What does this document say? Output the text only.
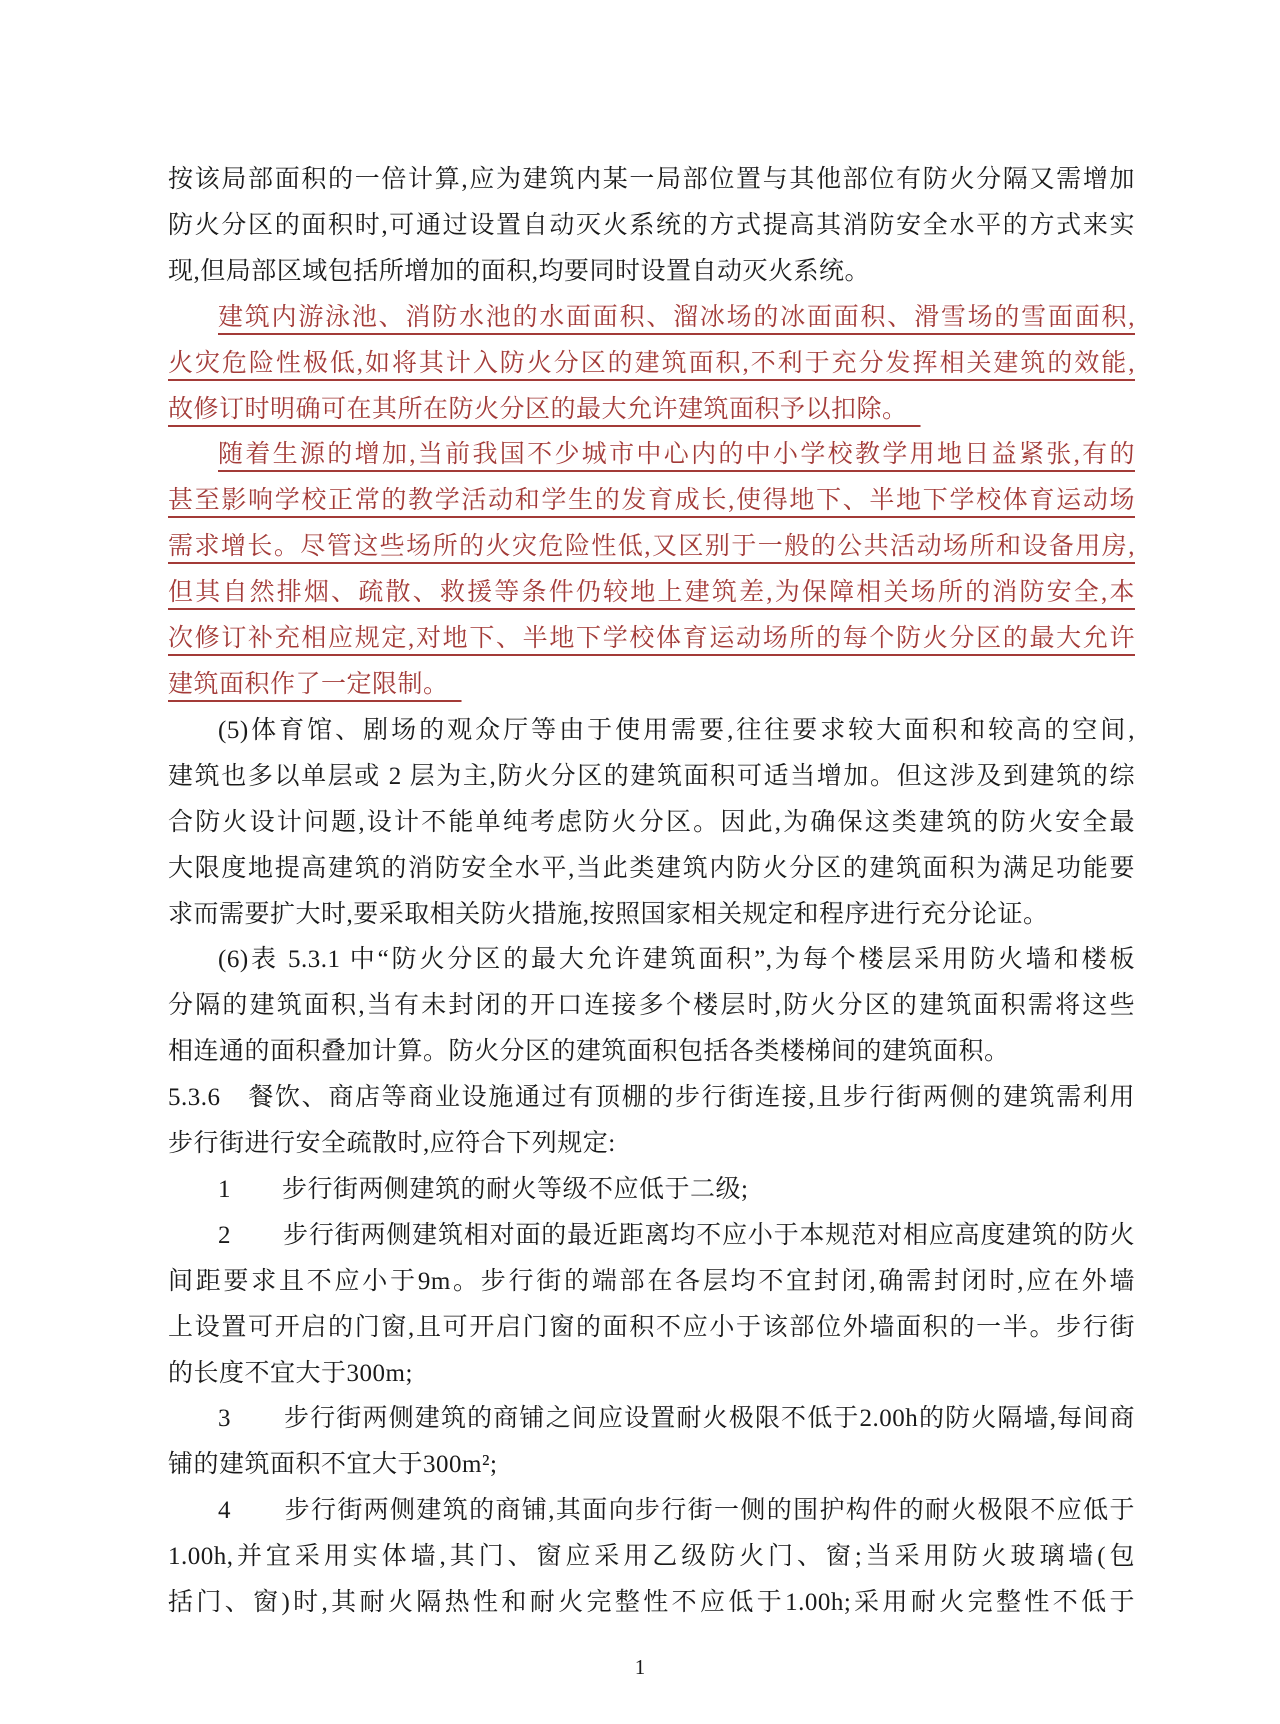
按该局部面积的一倍计算,应为建筑内某一局部位置与其他部位有防火分隔又需增加
防火分区的面积时,可通过设置自动灭火系统的方式提高其消防安全水平的方式来实
现,但局部区域包括所增加的面积,均要同时设置自动灭火系统。
建筑内游泳池、消防水池的水面面积、溜冰场的冰面面积、滑雪场的雪面面积,
火灾危险性极低,如将其计入防火分区的建筑面积,不利于充分发挥相关建筑的效能,
故修订时明确可在其所在防火分区的最大允许建筑面积予以扣除。　
随着生源的增加,当前我国不少城市中心内的中小学校教学用地日益紧张,有的
甚至影响学校正常的教学活动和学生的发育成长,使得地下、半地下学校体育运动场
需求增长。尽管这些场所的火灾危险性低,又区别于一般的公共活动场所和设备用房,
但其自然排烟、疏散、救援等条件仍较地上建筑差,为保障相关场所的消防安全,本
次修订补充相应规定,对地下、半地下学校体育运动场所的每个防火分区的最大允许
建筑面积作了一定限制。　
(5)体育馆、剧场的观众厅等由于使用需要,往往要求较大面积和较高的空间,
建筑也多以单层或 2 层为主,防火分区的建筑面积可适当增加。但这涉及到建筑的综
合防火设计问题,设计不能单纯考虑防火分区。因此,为确保这类建筑的防火安全最
大限度地提高建筑的消防安全水平,当此类建筑内防火分区的建筑面积为满足功能要
求而需要扩大时,要采取相关防火措施,按照国家相关规定和程序进行充分论证。
(6)表 5.3.1 中“防火分区的最大允许建筑面积”,为每个楼层采用防火墙和楼板
分隔的建筑面积,当有未封闭的开口连接多个楼层时,防火分区的建筑面积需将这些
相连通的面积叠加计算。防火分区的建筑面积包括各类楼梯间的建筑面积。
5.3.6　餐饮、商店等商业设施通过有顶棚的步行街连接,且步行街两侧的建筑需利用
步行街进行安全疏散时,应符合下列规定:
1　　步行街两侧建筑的耐火等级不应低于二级;
2　　步行街两侧建筑相对面的最近距离均不应小于本规范对相应高度建筑的防火
间距要求且不应小于9m。步行街的端部在各层均不宜封闭,确需封闭时,应在外墙
上设置可开启的门窗,且可开启门窗的面积不应小于该部位外墙面积的一半。步行街
的长度不宜大于300m;
3　　步行街两侧建筑的商铺之间应设置耐火极限不低于2.00h的防火隔墙,每间商
铺的建筑面积不宜大于300m²;
4　　步行街两侧建筑的商铺,其面向步行街一侧的围护构件的耐火极限不应低于
1.00h,并宜采用实体墙,其门、窗应采用乙级防火门、窗;当采用防火玻璃墙(包
括门、窗)时,其耐火隔热性和耐火完整性不应低于1.00h;采用耐火完整性不低于
1
